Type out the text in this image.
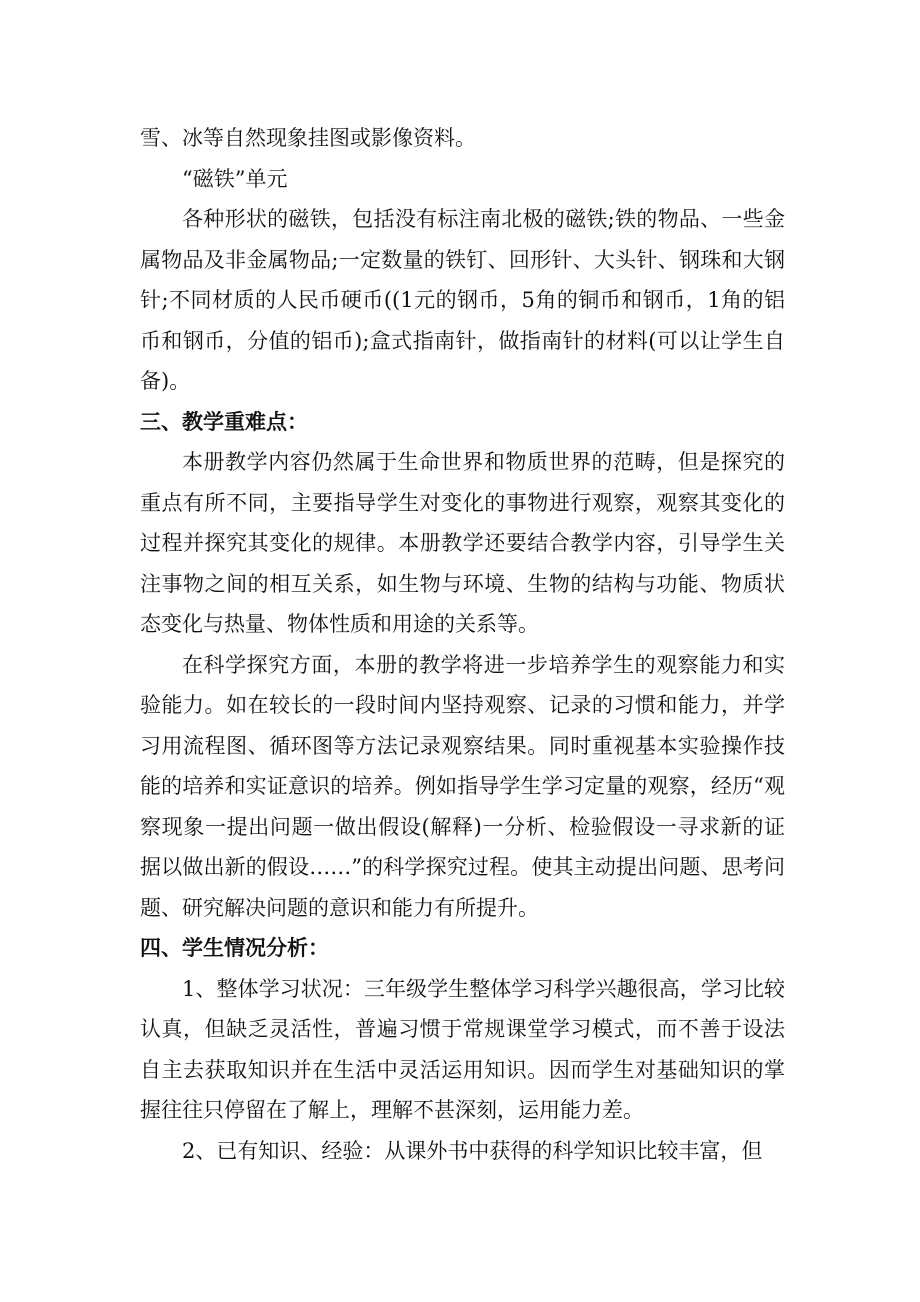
雪、冰等自然现象挂图或影像资料。

“磁铁”单元

各种形状的磁铁，包括没有标注南北极的磁铁;铁的物品、一些金属物品及非金属物品;一定数量的铁钉、回形针、大头针、钢珠和大钢针;不同材质的人民币硬币((1元的钢币，5角的铜币和钢币，1角的铝币和钢币，分值的铝币);盒式指南针，做指南针的材料(可以让学生自备)。

三、教学重难点：

本册教学内容仍然属于生命世界和物质世界的范畴，但是探究的重点有所不同，主要指导学生对变化的事物进行观察，观察其变化的过程并探究其变化的规律。本册教学还要结合教学内容，引导学生关注事物之间的相互关系，如生物与环境、生物的结构与功能、物质状态变化与热量、物体性质和用途的关系等。

在科学探究方面，本册的教学将进一步培养学生的观察能力和实验能力。如在较长的一段时间内坚持观察、记录的习惯和能力，并学习用流程图、循环图等方法记录观察结果。同时重视基本实验操作技能的培养和实证意识的培养。例如指导学生学习定量的观察，经历“观察现象一提出问题一做出假设(解释)一分析、检验假设一寻求新的证据以做出新的假设……”的科学探究过程。使其主动提出问题、思考问题、研究解决问题的意识和能力有所提升。

四、学生情况分析：

1、整体学习状况：三年级学生整体学习科学兴趣很高，学习比较认真，但缺乏灵活性，普遍习惯于常规课堂学习模式，而不善于设法自主去获取知识并在生活中灵活运用知识。因而学生对基础知识的掌握往往只停留在了解上，理解不甚深刻，运用能力差。

2、已有知识、经验：从课外书中获得的科学知识比较丰富，但
